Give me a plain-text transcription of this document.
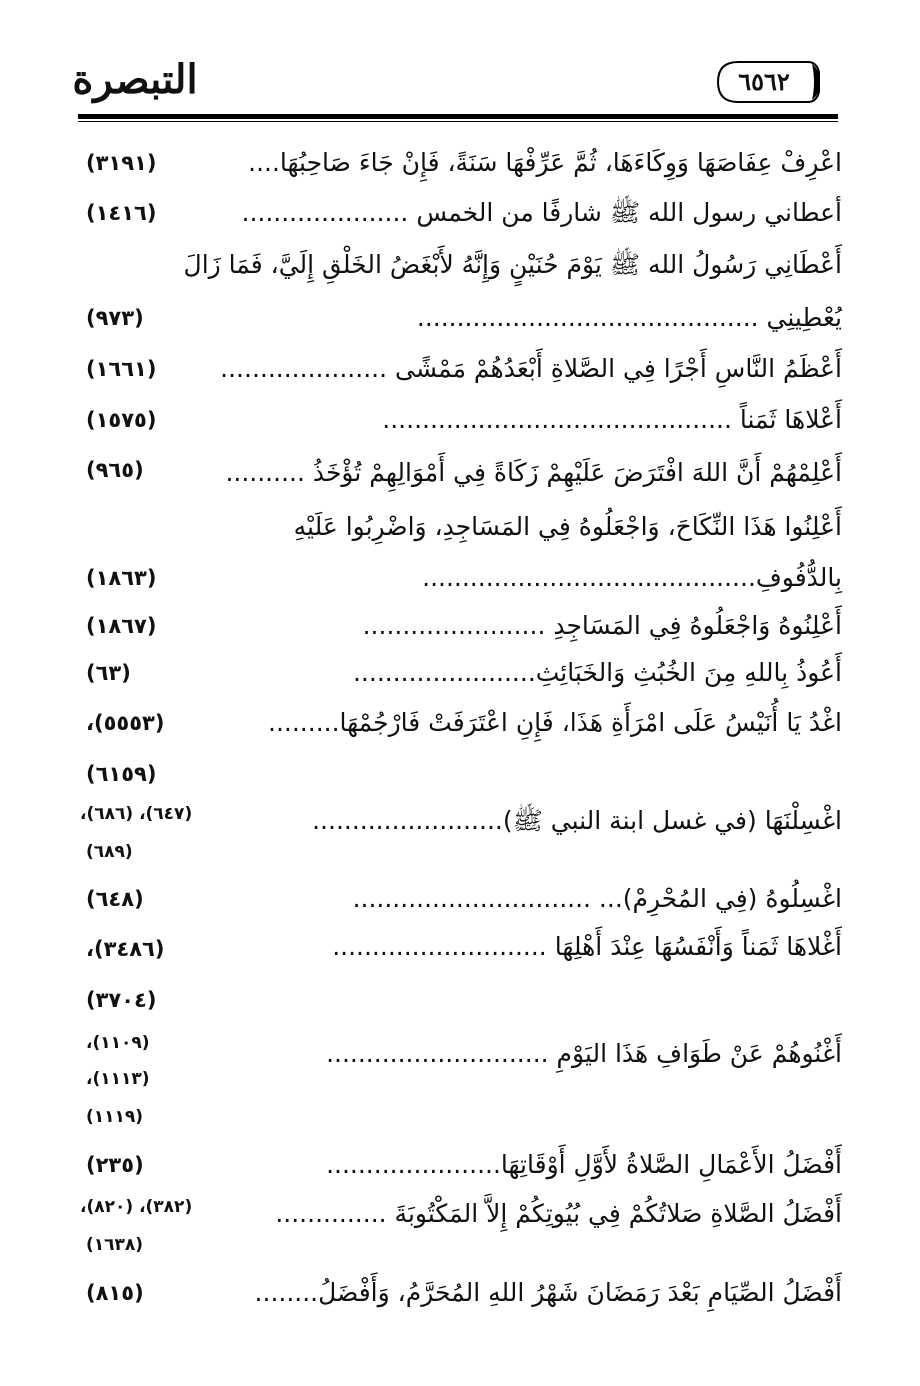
التبصرة	٦٥٦٢
اعْرِفْ عِفَاصَهَا وَوِكَاءَهَا، ثُمَّ عَرِّفْهَا سَنَةً، فَإِنْ جَاءَ صَاحِبُهَا....
(٣١٩١)
أعطاني رسول الله ﷺ شارفًا من الخمس .....................
(١٤١٦)
أَعْطَانِي رَسُولُ الله ﷺ يَوْمَ حُنَيْنٍ وَإِنَّهُ لأَبْغَضُ الخَلْقِ إِلَيَّ، فَمَا زَالَ
يُعْطِينِي ...........................................
(٩٧٣)
أَعْظَمُ النَّاسِ أَجْرًا فِي الصَّلاةِ أَبْعَدُهُمْ مَمْشًى .....................
(١٦٦١)
أَعْلاهَا ثَمَناً ............................................
(١٥٧٥)
أَعْلِمْهُمْ أَنَّ اللهَ افْتَرَضَ عَلَيْهِمْ زَكَاةً فِي أَمْوَالِهِمْ تُؤْخَذُ ..........
(٩٦٥)
أَعْلِنُوا هَذَا النِّكَاحَ، وَاجْعَلُوهُ فِي المَسَاجِدِ، وَاضْرِبُوا عَلَيْهِ
بِالدُّفُوفِ..........................................
(١٨٦٣)
أَعْلِنُوهُ وَاجْعَلُوهُ فِي المَسَاجِدِ .......................
(١٨٦٧)
أَعُوذُ بِاللهِ مِنَ الخُبُثِ وَالخَبَائِثِ.......................
(٦٣)
اغْدُ يَا أُنَيْسُ عَلَى امْرَأَةِ هَذَا، فَإِنِ اعْتَرَفَتْ فَارْجُمْهَا.........
(٥٥٥٣)،
(٦١٥٩)
اغْسِلْنَهَا (في غسل ابنة النبي ﷺ)........................
(٦٤٧)، (٦٨٦)،
(٦٨٩)
اغْسِلُوهُ (فِي المُحْرِمْ)... ..............................
(٦٤٨)
أَغْلاهَا ثَمَناً وَأَنْفَسُهَا عِنْدَ أَهْلِهَا ...........................
(٣٤٨٦)،
(٣٧٠٤)
أَغْنُوهُمْ عَنْ طَوَافِ هَذَا اليَوْمِ ............................
(١١٠٩)،
(١١١٣)،
(١١١٩)
أَفْضَلُ الأَعْمَالِ الصَّلاةُ لأَوَّلِ أَوْقَاتِهَا......................
(٢٣٥)
أَفْضَلُ الصَّلاةِ صَلاتُكُمْ فِي بُيُوتِكُمْ إِلاَّ المَكْتُوبَةَ ..............
(٣٨٢)، (٨٢٠)،
(١٦٣٨)
أَفْضَلُ الصِّيَامِ بَعْدَ رَمَضَانَ شَهْرُ اللهِ المُحَرَّمُ، وَأَفْضَلُ........
(٨١٥)
